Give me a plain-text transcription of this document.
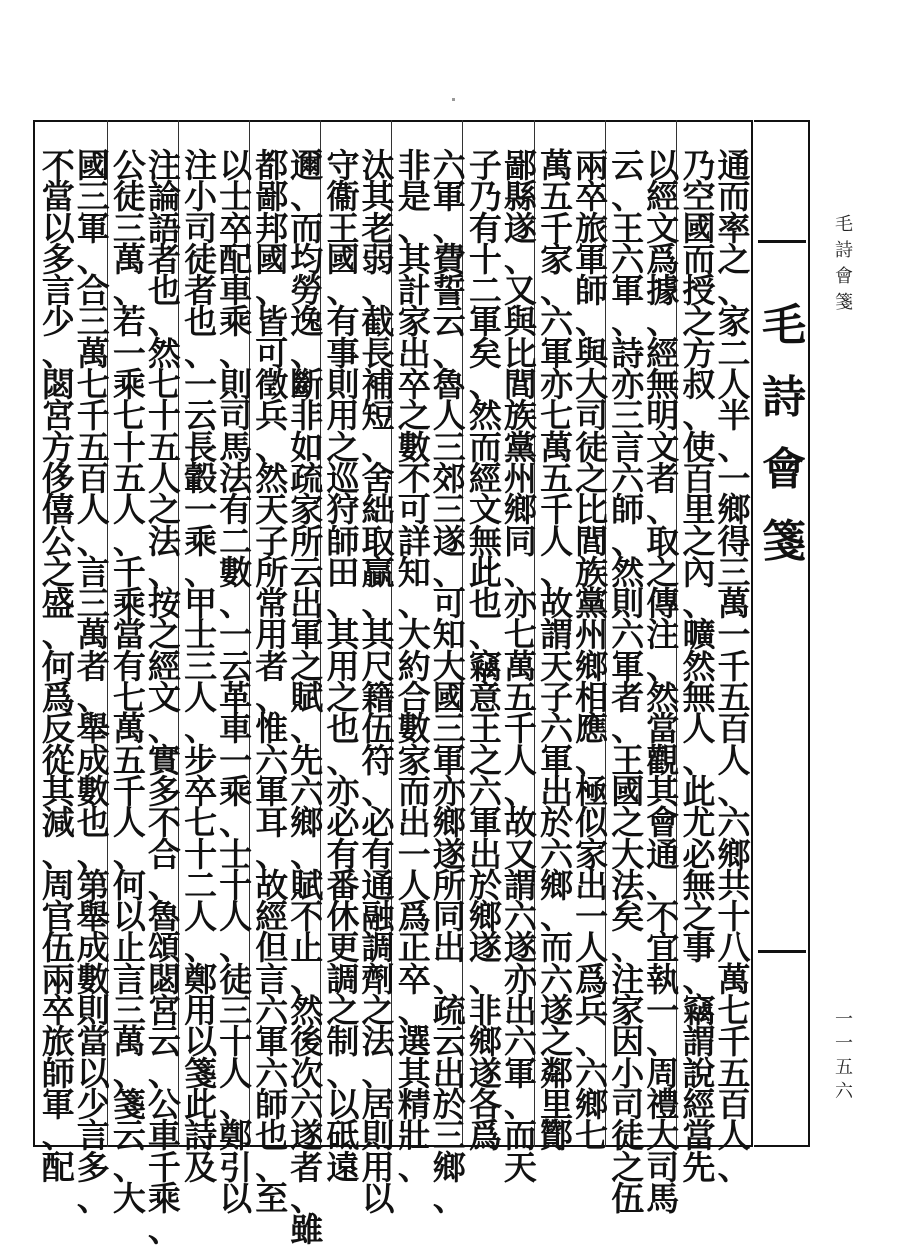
毛詩會箋
毛詩會箋
一一五六
通
而
率
之
、
家
二
人
半
、
一
鄉
得
三
萬
一
千
五
百
人
、
六
鄉
共
十
八
萬
七
千
五
百
人
、
乃
空
國
而
授
之
方
叔
、
使
百
里
之
內
、
曠
然
無
人
、
此
尤
必
無
之
事
、
竊
謂
說
經
當
先
以
經
文
爲
據
、
經
無
明
文
者
、
取
之
傳
注
、
然
當
觀
其
會
通
、
不
宜
執
一
、
周
禮
大
司
馬
云
、
王
六
軍
、
詩
亦
三
言
六
師
、
然
則
六
軍
者
、
王
國
之
大
法
矣
、
注
家
因
小
司
徒
之
伍
兩
卒
旅
軍
師
、
與
大
司
徒
之
比
閭
族
黨
州
鄉
相
應
、
極
似
家
出
一
人
爲
兵
、
六
鄉
七
萬
五
千
家
、
六
軍
亦
七
萬
五
千
人
、
故
謂
天
子
六
軍
出
於
六
鄉
、
而
六
遂
之
鄰
里
酇
鄙
縣
遂
、
又
與
比
閭
族
黨
州
鄉
同
、
亦
七
萬
五
千
人
、
故
又
謂
六
遂
亦
出
六
軍
、
而
天
子
乃
有
十
二
軍
矣
、
然
而
經
文
無
此
也
、
竊
意
王
之
六
軍
出
於
鄉
遂
、
非
鄉
遂
各
爲
六
軍
、
費
誓
云
、
魯
人
三
郊
三
遂
、
可
知
大
國
三
軍
亦
鄉
遂
所
同
出
、
疏
云
出
於
三
鄉
、
非
是
、
其
計
家
出
卒
之
數
不
可
詳
知
、
大
約
合
數
家
而
出
一
人
爲
正
卒
、
選
其
精
壯
、
汰
其
老
弱
、
截
長
補
短
、
舍
絀
取
贏
、
其
尺
籍
伍
符
、
必
有
通
融
調
劑
之
法
、
居
則
用
以
守
衞
王
國
、
有
事
則
用
之
巡
狩
師
田
、
其
用
之
也
、
亦
必
有
番
休
更
調
之
制
、
以
砥
遠
邇
、
而
均
勞
逸
、
斷
非
如
疏
家
所
云
出
軍
之
賦
、
先
六
鄉
、
賦
不
止
、
然
後
次
六
遂
者
、
雖
都
鄙
邦
國
、
皆
可
徵
兵
、
然
天
子
所
常
用
者
、
惟
六
軍
耳
、
故
經
但
言
六
軍
六
師
也
、
至
以
士
卒
配
車
乘
、
則
司
馬
法
有
二
數
、
一
云
革
車
一
乘
、
士
十
人
、
徒
三
十
人
、
鄭
引
以
注
小
司
徒
者
也
、
一
云
長
轂
一
乘
、
甲
士
三
人
、
步
卒
七
十
二
人
、
鄭
用
以
箋
此
詩
及
注
論
語
者
也
、
然
七
十
五
人
之
法
、
按
之
經
文
、
實
多
不
合
、
魯
頌
閟
宮
云
、
公
車
千
乘
、
公
徒
三
萬
、
若
一
乘
七
十
五
人
、
千
乘
當
有
七
萬
五
千
人
、
何
以
止
言
三
萬
、
箋
云
、
大
國
三
軍
、
合
三
萬
七
千
五
百
人
、
言
三
萬
者
、
舉
成
數
也
、
第
舉
成
數
則
當
以
少
言
多
、
不
當
以
多
言
少
、
閟
宮
方
侈
僖
公
之
盛
、
何
爲
反
從
其
減
、
周
官
伍
兩
卒
旅
師
軍
、
配
